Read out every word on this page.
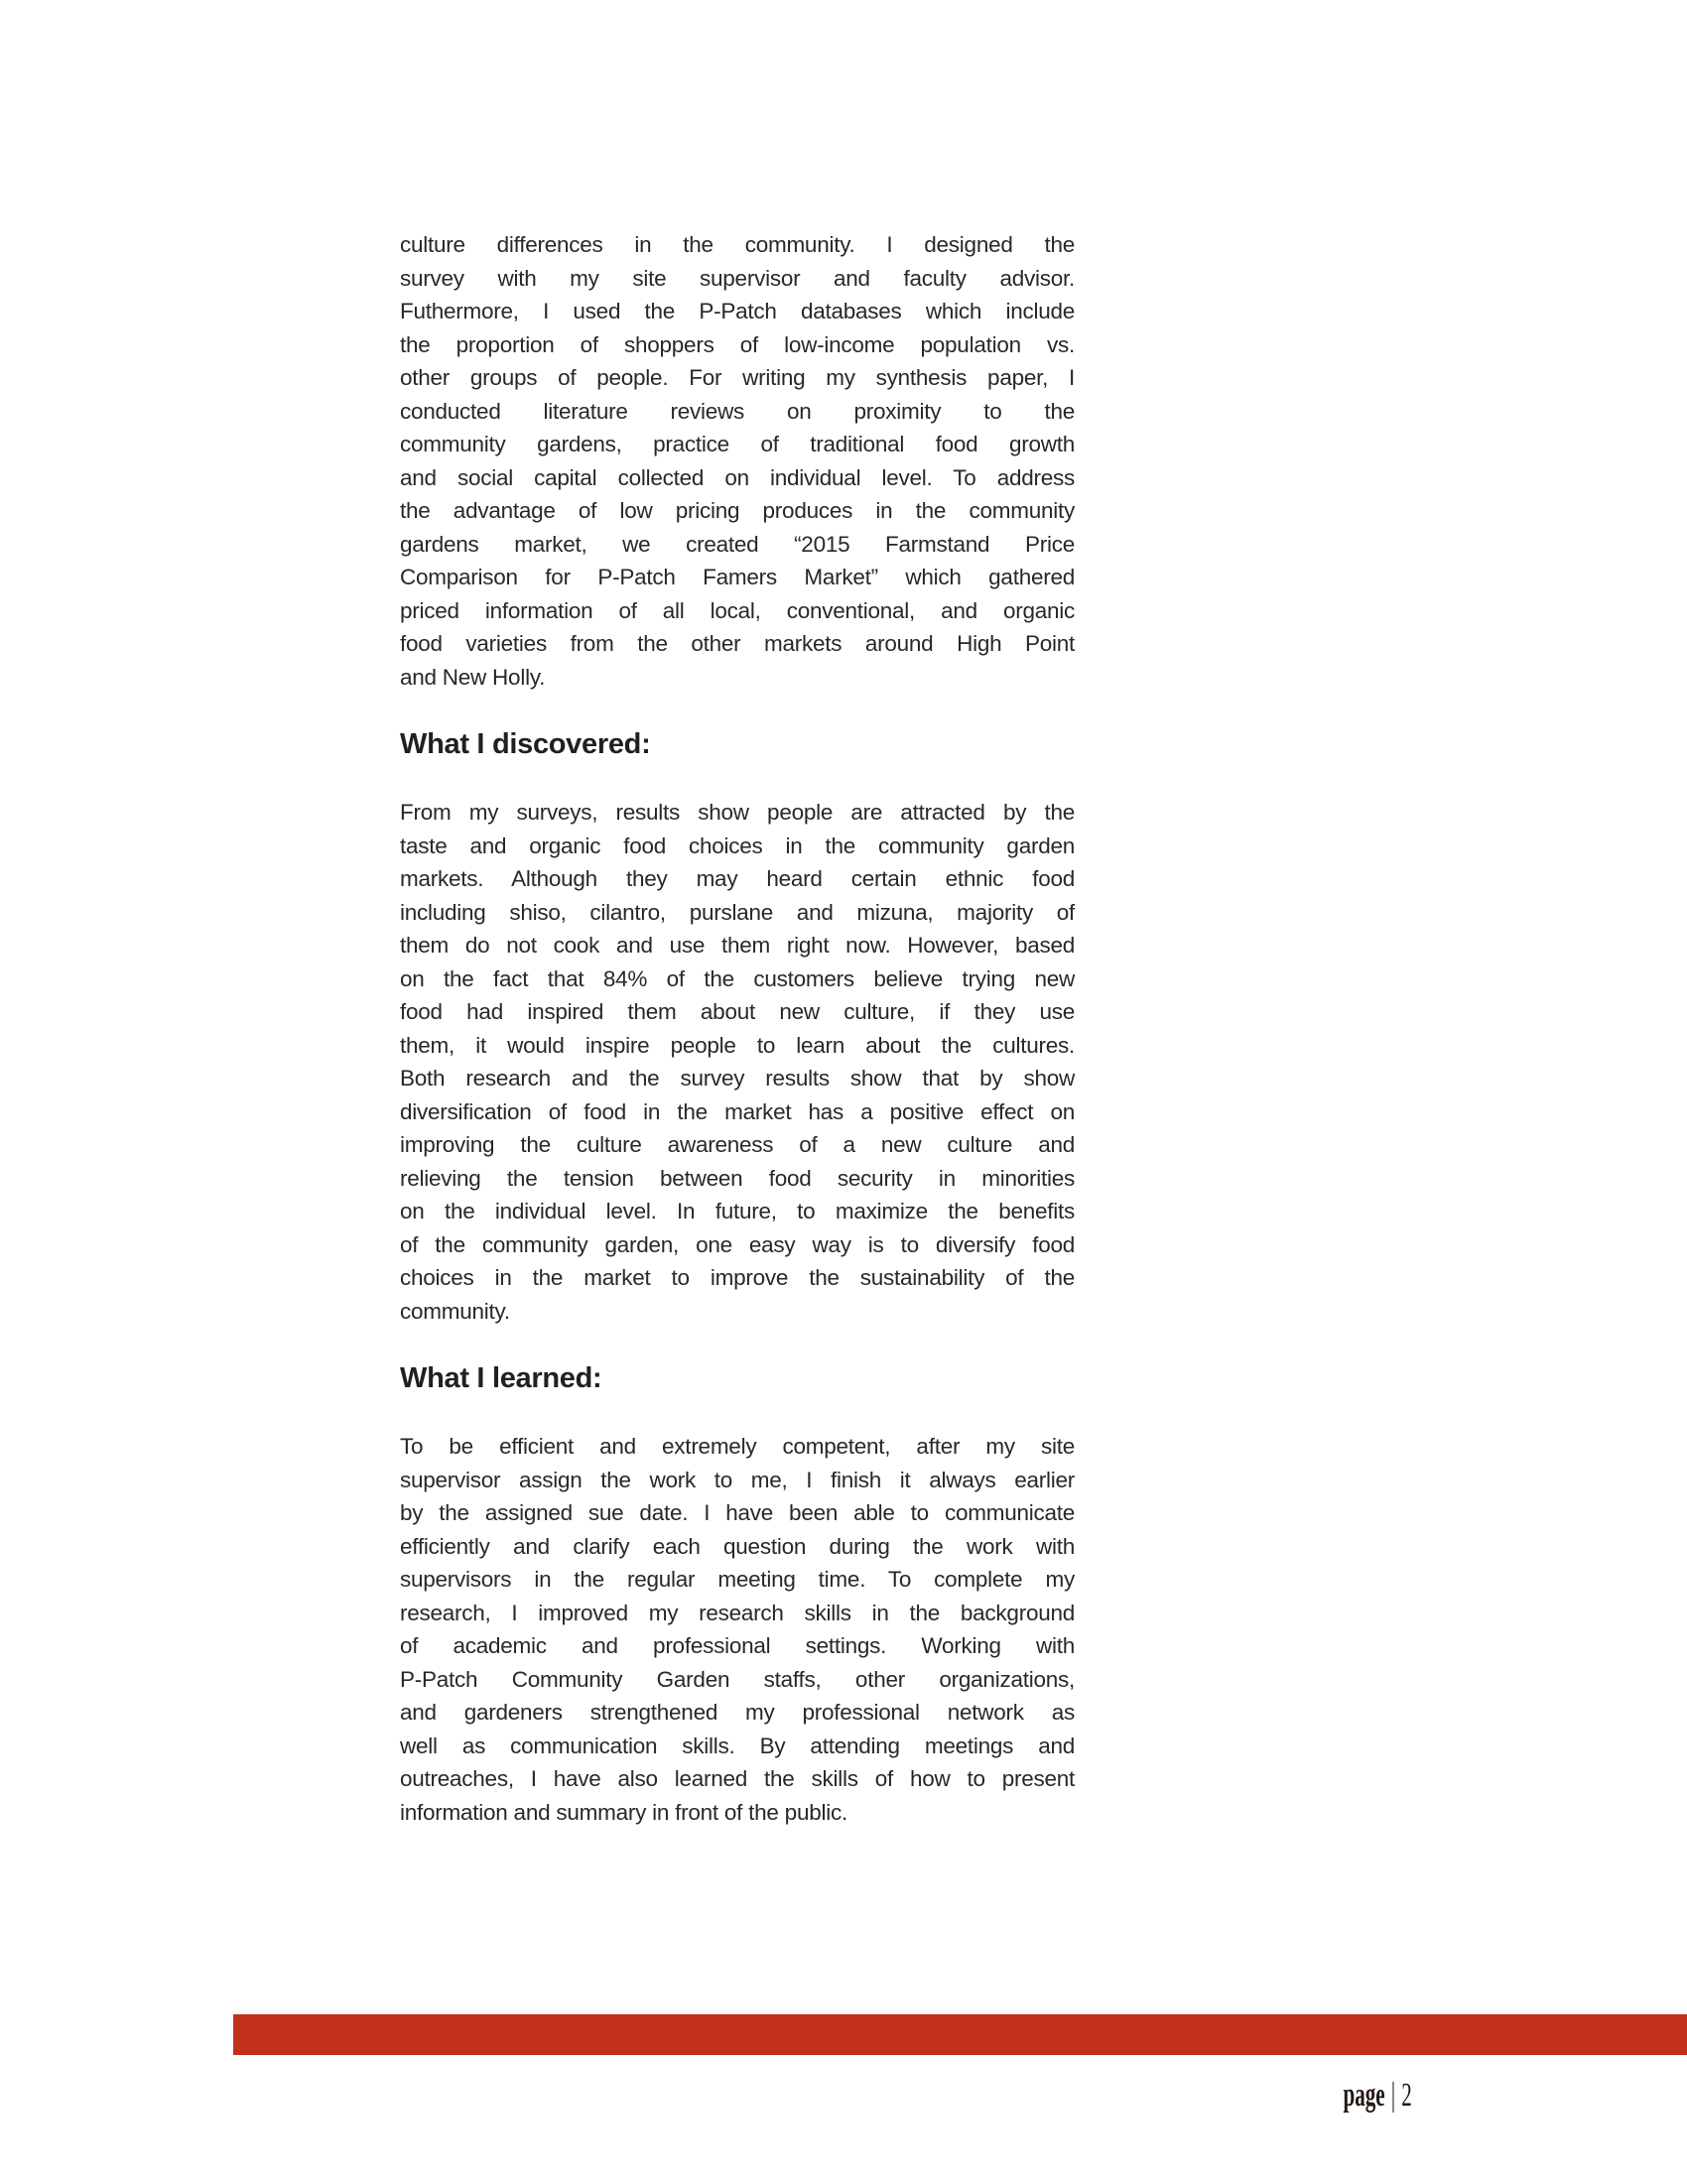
culture differences in the community. I designed the
survey with my site supervisor and faculty advisor.
Futhermore, I used the P-Patch databases which include
the proportion of shoppers of low-income population vs.
other groups of people. For writing my synthesis paper, I
conducted literature reviews on proximity to the
community gardens, practice of traditional food growth
and social capital collected on individual level. To address
the advantage of low pricing produces in the community
gardens market, we created “2015 Farmstand Price
Comparison for P-Patch Famers Market” which gathered
priced information of all local, conventional, and organic
food varieties from the other markets around High Point
and New Holly.
What I discovered:
From my surveys, results show people are attracted by the
taste and organic food choices in the community garden
markets. Although they may heard certain ethnic food
including shiso, cilantro, purslane and mizuna, majority of
them do not cook and use them right now. However, based
on the fact that 84% of the customers believe trying new
food had inspired them about new culture, if they use
them, it would inspire people to learn about the cultures.
Both research and the survey results show that by show
diversification of food in the market has a positive effect on
improving the culture awareness of a new culture and
relieving the tension between food security in minorities
on the individual level. In future, to maximize the benefits
of the community garden, one easy way is to diversify food
choices in the market to improve the sustainability of the
community.
What I learned:
To be efficient and extremely competent, after my site
supervisor assign the work to me, I finish it always earlier
by the assigned sue date. I have been able to communicate
efficiently and clarify each question during the work with
supervisors in the regular meeting time. To complete my
research, I improved my research skills in the background
of academic and professional settings. Working with
P-Patch Community Garden staffs, other organizations,
and gardeners strengthened my professional network as
well as communication skills. By attending meetings and
outreaches, I have also learned the skills of how to present
information and summary in front of the public.
page | 2
